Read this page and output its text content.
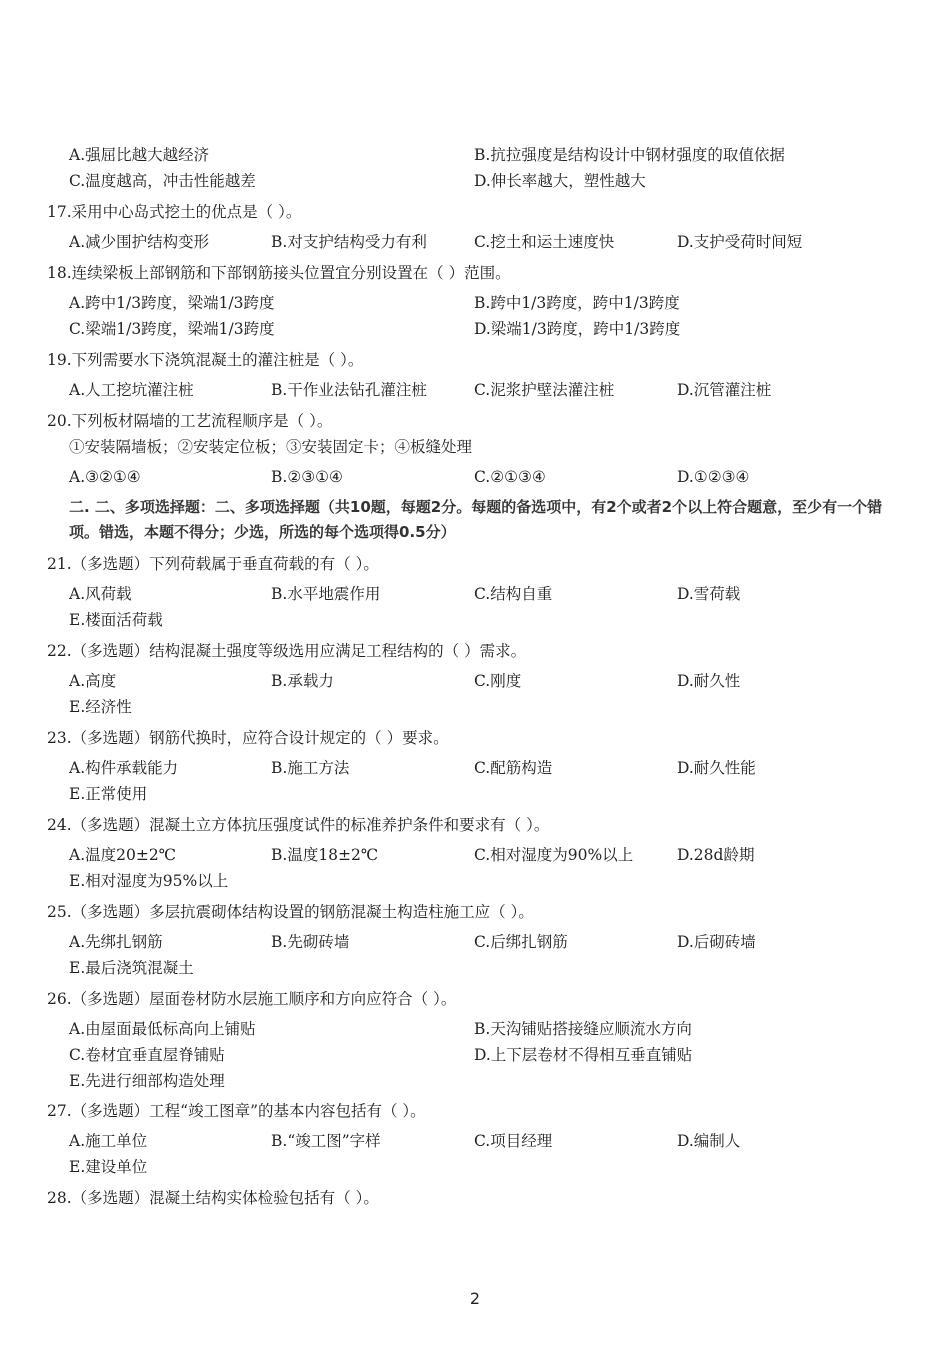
A.强屈比越大越经济	B.抗拉强度是结构设计中钢材强度的取值依据
C.温度越高，冲击性能越差	D.伸长率越大，塑性越大
17.采用中心岛式挖土的优点是（ ）。
A.减少围护结构变形	B.对支护结构受力有利	C.挖土和运土速度快	D.支护受荷时间短
18.连续梁板上部钢筋和下部钢筋接头位置宜分别设置在（ ）范围。
A.跨中1/3跨度，梁端1/3跨度	B.跨中1/3跨度，跨中1/3跨度
C.梁端1/3跨度，梁端1/3跨度	D.梁端1/3跨度，跨中1/3跨度
19.下列需要水下浇筑混凝土的灌注桩是（ ）。
A.人工挖坑灌注桩	B.干作业法钻孔灌注桩	C.泥浆护壁法灌注桩	D.沉管灌注桩
20.下列板材隔墙的工艺流程顺序是（ ）。
①安装隔墙板；②安装定位板；③安装固定卡；④板缝处理
A.③②①④	B.②③①④	C.②①③④	D.①②③④
二. 二、多项选择题：二、多项选择题（共10题，每题2分。每题的备选项中，有2个或者2个以上符合题意，至少有一个错项。错选，本题不得分；少选，所选的每个选项得0.5分）
21.（多选题）下列荷载属于垂直荷载的有（ ）。
A.风荷载	B.水平地震作用	C.结构自重	D.雪荷载
E.楼面活荷载
22.（多选题）结构混凝土强度等级选用应满足工程结构的（ ）需求。
A.高度	B.承载力	C.刚度	D.耐久性
E.经济性
23.（多选题）钢筋代换时，应符合设计规定的（ ）要求。
A.构件承载能力	B.施工方法	C.配筋构造	D.耐久性能
E.正常使用
24.（多选题）混凝土立方体抗压强度试件的标准养护条件和要求有（ ）。
A.温度20±2℃	B.温度18±2℃	C.相对湿度为90%以上	D.28d龄期
E.相对湿度为95%以上
25.（多选题）多层抗震砌体结构设置的钢筋混凝土构造柱施工应（ ）。
A.先绑扎钢筋	B.先砌砖墙	C.后绑扎钢筋	D.后砌砖墙
E.最后浇筑混凝土
26.（多选题）屋面卷材防水层施工顺序和方向应符合（ ）。
A.由屋面最低标高向上铺贴	B.天沟铺贴搭接缝应顺流水方向
C.卷材宜垂直屋脊铺贴	D.上下层卷材不得相互垂直铺贴
E.先进行细部构造处理
27.（多选题）工程“竣工图章”的基本内容包括有（ ）。
A.施工单位	B.“竣工图”字样	C.项目经理	D.编制人
E.建设单位
28.（多选题）混凝土结构实体检验包括有（ ）。
2
